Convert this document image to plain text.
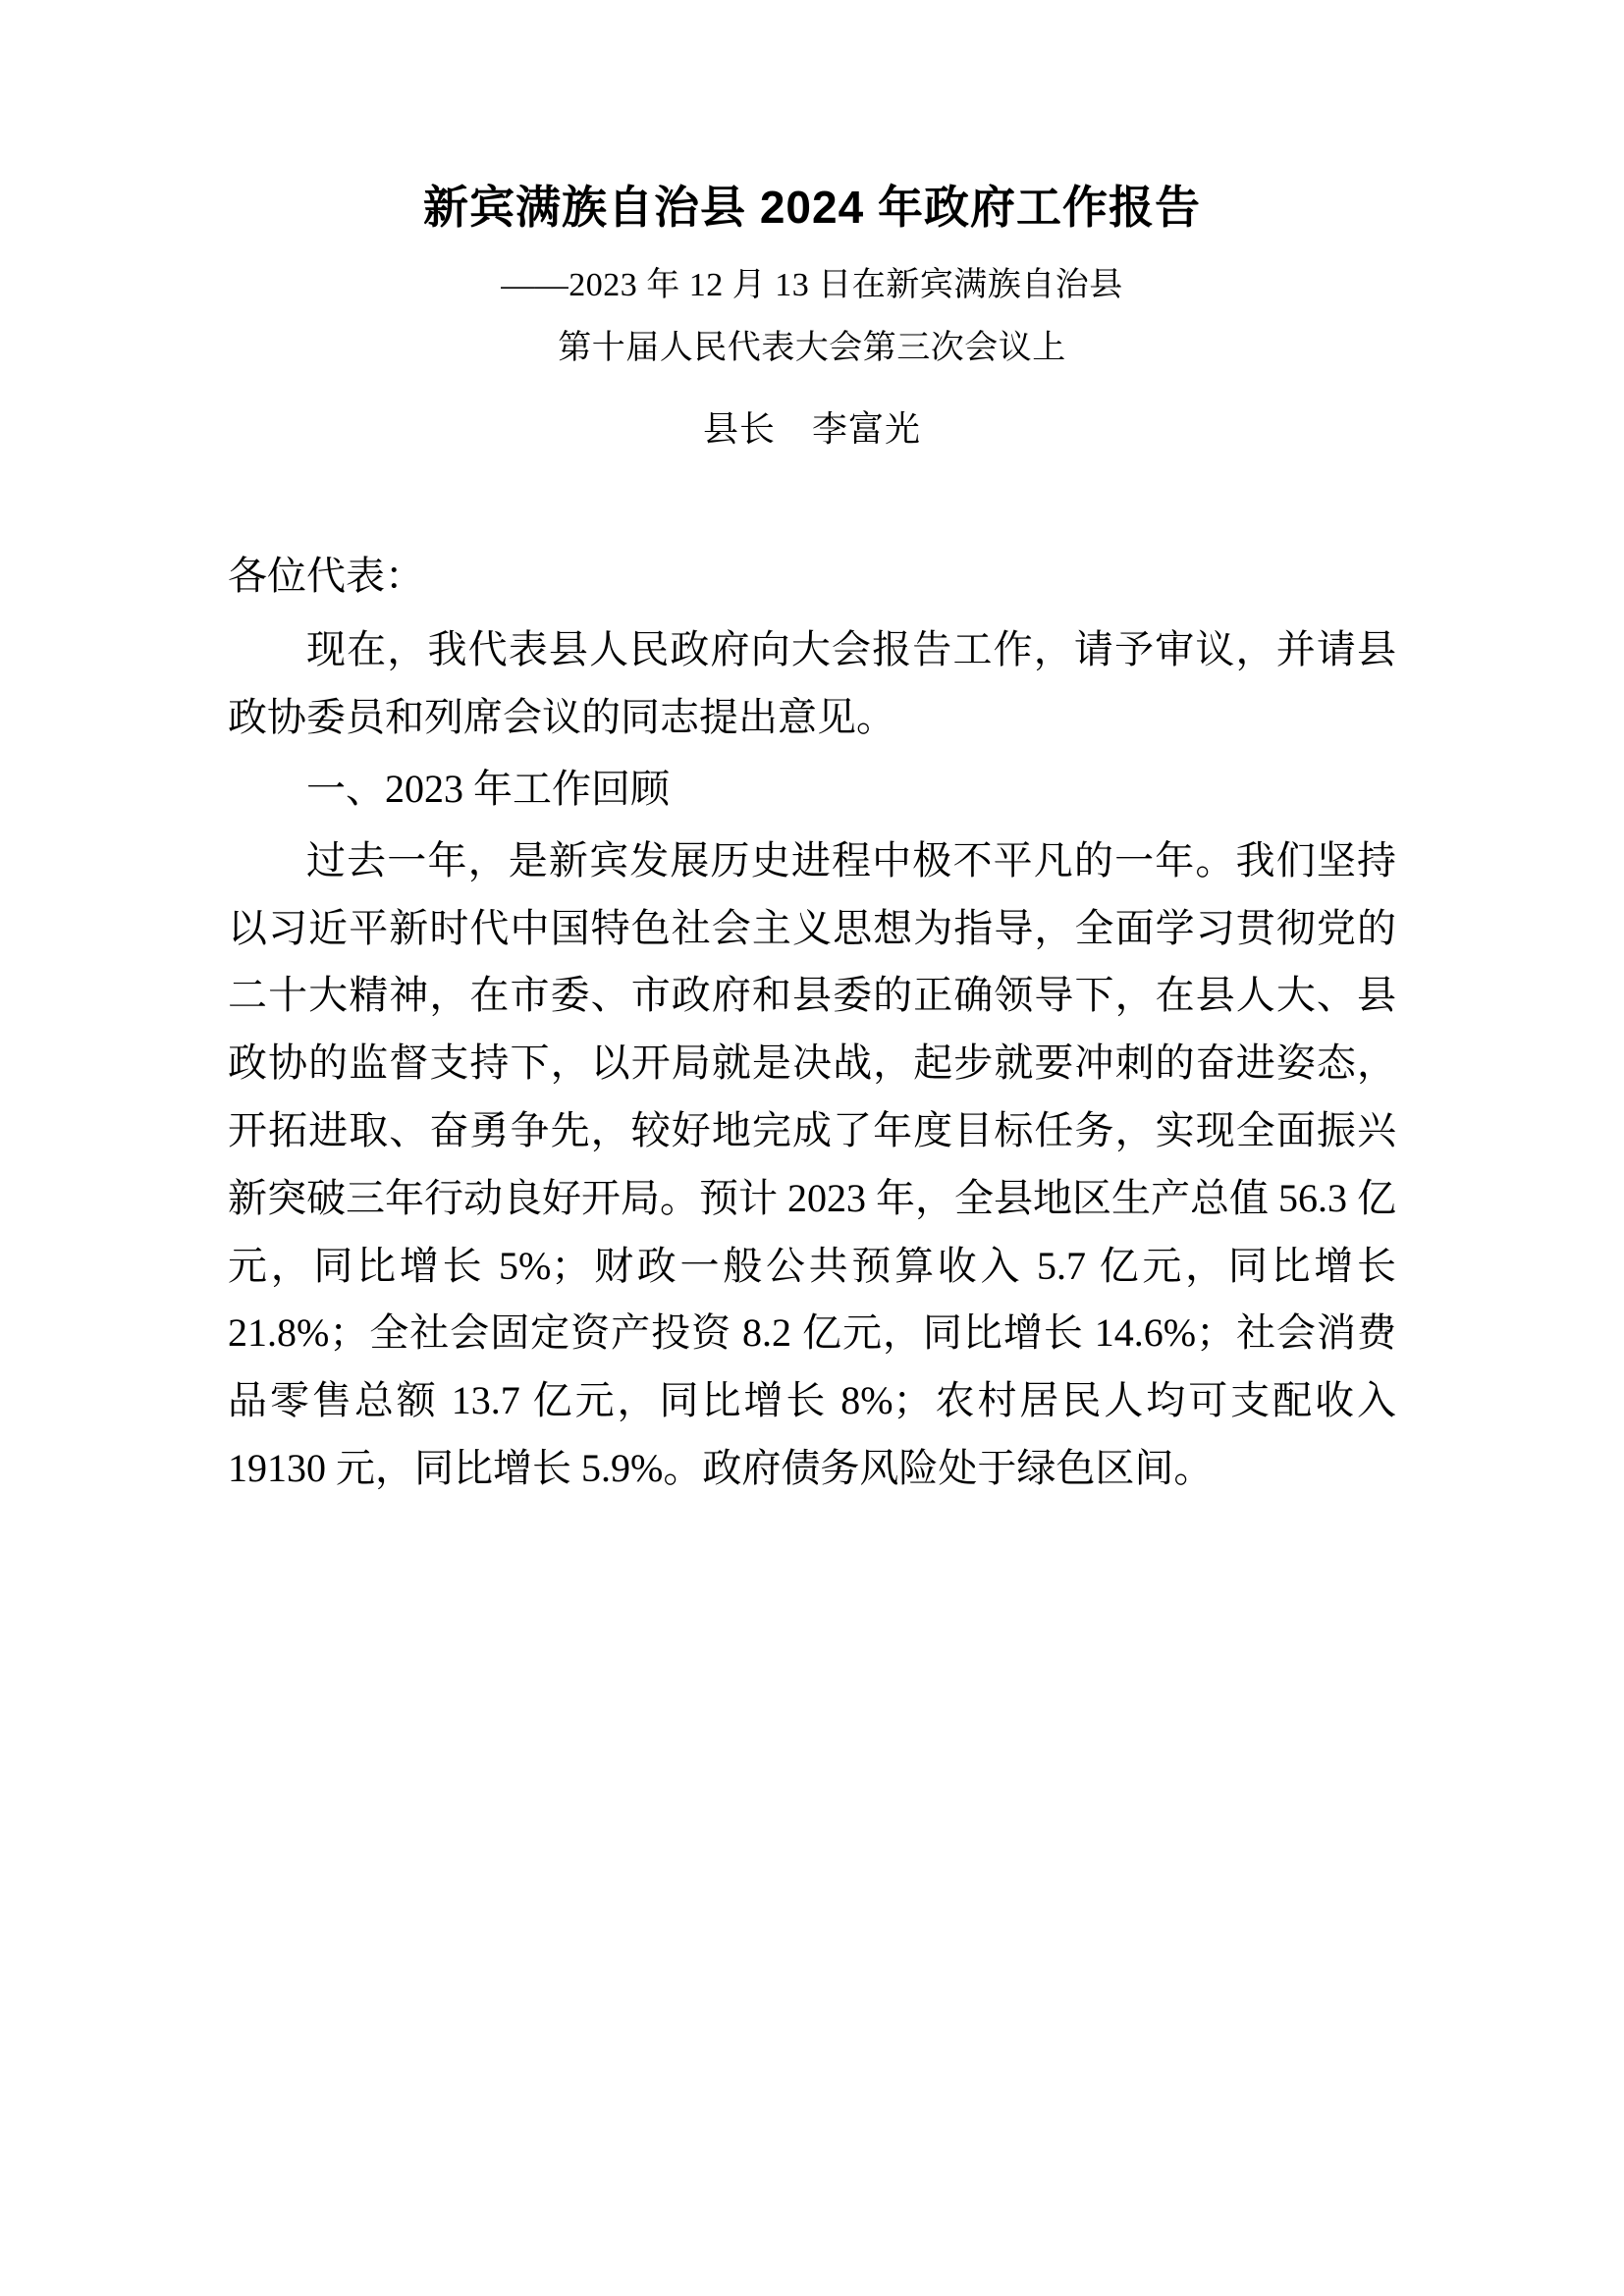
新宾满族自治县 2024 年政府工作报告
——2023 年 12 月 13 日在新宾满族自治县
第十届人民代表大会第三次会议上
县长　李富光

各位代表：

现在，我代表县人民政府向大会报告工作，请予审议，并请县政协委员和列席会议的同志提出意见。

一、2023 年工作回顾

过去一年，是新宾发展历史进程中极不平凡的一年。我们坚持以习近平新时代中国特色社会主义思想为指导，全面学习贯彻党的二十大精神，在市委、市政府和县委的正确领导下，在县人大、县政协的监督支持下，以开局就是决战，起步就要冲刺的奋进姿态，开拓进取、奋勇争先，较好地完成了年度目标任务，实现全面振兴新突破三年行动良好开局。预计 2023 年，全县地区生产总值 56.3 亿元，同比增长 5%；财政一般公共预算收入 5.7 亿元，同比增长 21.8%；全社会固定资产投资 8.2 亿元，同比增长 14.6%；社会消费品零售总额 13.7 亿元，同比增长 8%；农村居民人均可支配收入 19130 元，同比增长 5.9%。政府债务风险处于绿色区间。
